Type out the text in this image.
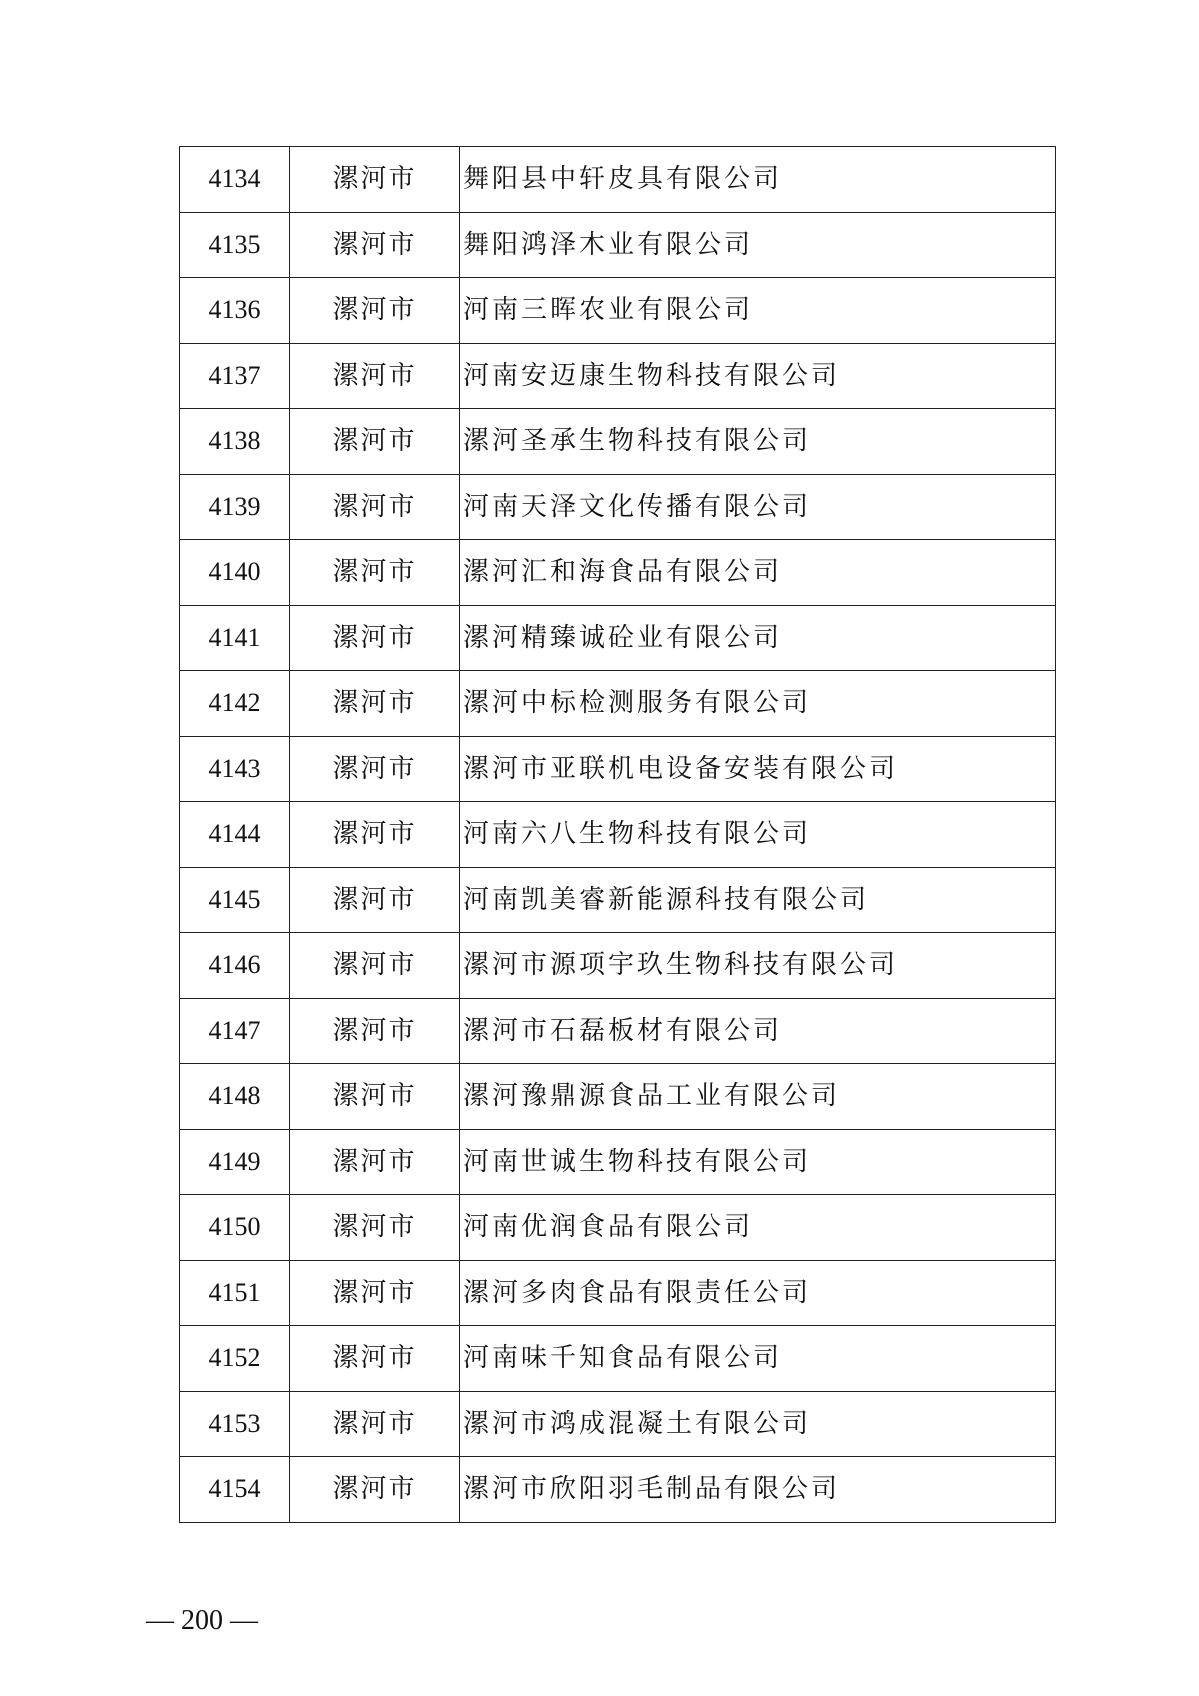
4134	漯河市	舞阳县中轩皮具有限公司
4135	漯河市	舞阳鸿泽木业有限公司
4136	漯河市	河南三晖农业有限公司
4137	漯河市	河南安迈康生物科技有限公司
4138	漯河市	漯河圣承生物科技有限公司
4139	漯河市	河南天泽文化传播有限公司
4140	漯河市	漯河汇和海食品有限公司
4141	漯河市	漯河精臻诚砼业有限公司
4142	漯河市	漯河中标检测服务有限公司
4143	漯河市	漯河市亚联机电设备安装有限公司
4144	漯河市	河南六八生物科技有限公司
4145	漯河市	河南凯美睿新能源科技有限公司
4146	漯河市	漯河市源项宇玖生物科技有限公司
4147	漯河市	漯河市石磊板材有限公司
4148	漯河市	漯河豫鼎源食品工业有限公司
4149	漯河市	河南世诚生物科技有限公司
4150	漯河市	河南优润食品有限公司
4151	漯河市	漯河多肉食品有限责任公司
4152	漯河市	河南味千知食品有限公司
4153	漯河市	漯河市鸿成混凝土有限公司
4154	漯河市	漯河市欣阳羽毛制品有限公司
— 200 —
